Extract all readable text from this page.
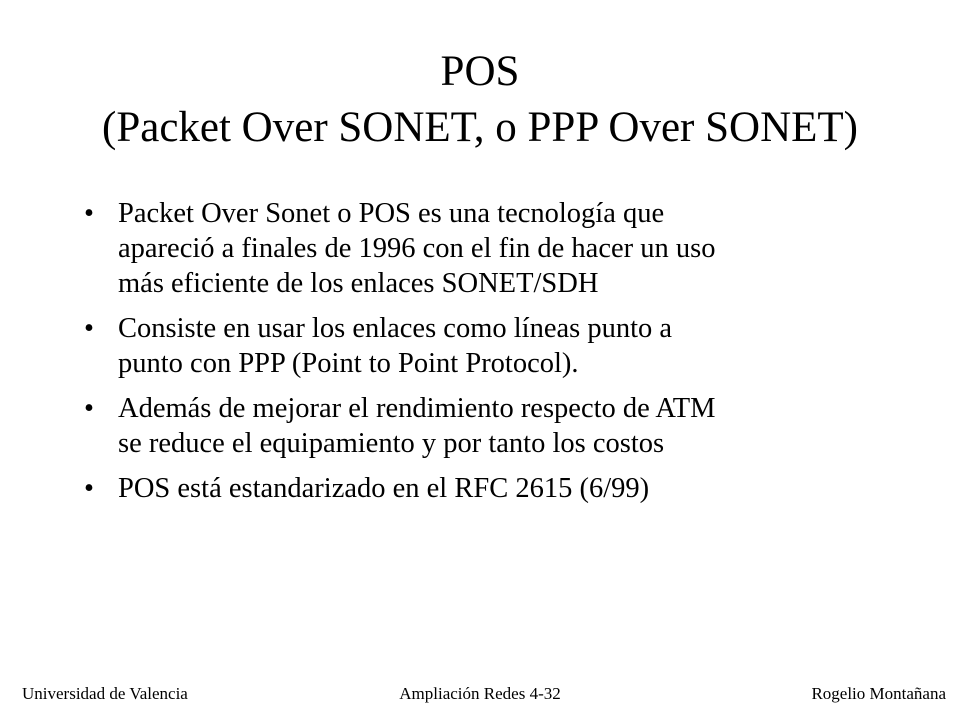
POS
(Packet Over SONET, o PPP Over SONET)
• Packet Over Sonet o POS es una tecnología que
apareció a finales de 1996 con el fin de hacer un uso
más eficiente de los enlaces SONET/SDH
• Consiste en usar los enlaces como líneas punto a
punto con PPP (Point to Point Protocol).
• Además de mejorar el rendimiento respecto de ATM
se reduce el equipamiento y por tanto los costos
• POS está estandarizado en el RFC 2615 (6/99)
Universidad de Valencia	Ampliación Redes 4-32	Rogelio Montañana
